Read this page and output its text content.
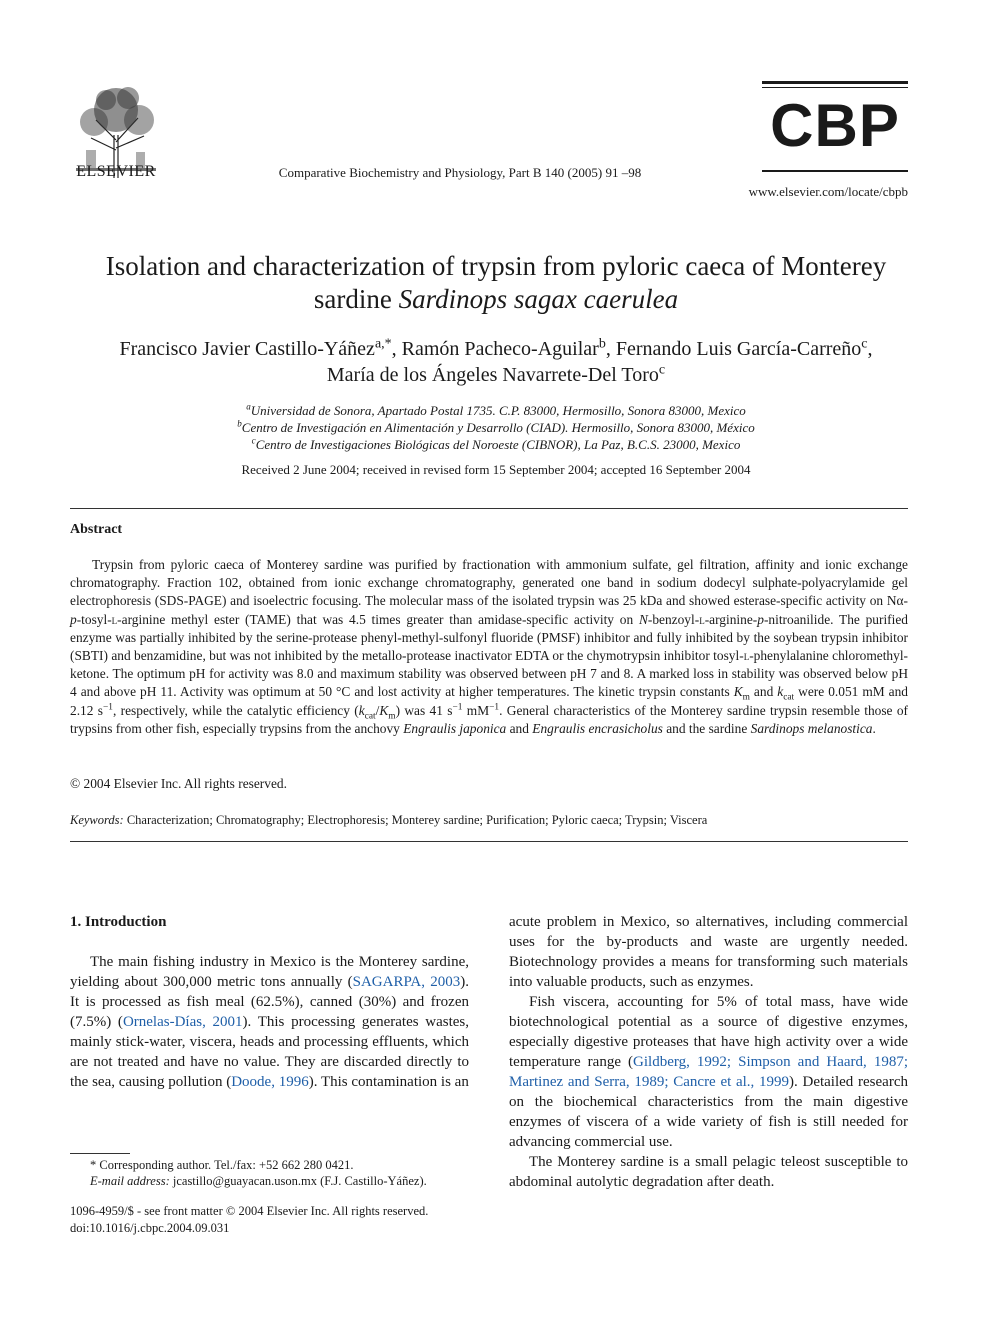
ELSEVIER	Comparative Biochemistry and Physiology, Part B 140 (2005) 91 –98
CBP
www.elsevier.com/locate/cbpb
Isolation and characterization of trypsin from pyloric caeca of Monterey
sardine Sardinops sagax caerulea
Francisco Javier Castillo-Yáñez$^{a,*}$, Ramón Pacheco-Aguilar$^b$, Fernando Luis García-Carreño$^c$,
María de los Ángeles Navarrete-Del Toro$^c$
$^a$Universidad de Sonora, Apartado Postal 1735. C.P. 83000, Hermosillo, Sonora 83000, Mexico
$^b$Centro de Investigación en Alimentación y Desarrollo (CIAD). Hermosillo, Sonora 83000, México
$^c$Centro de Investigaciones Biológicas del Noroeste (CIBNOR), La Paz, B.C.S. 23000, Mexico
Received 2 June 2004; received in revised form 15 September 2004; accepted 16 September 2004
Abstract
Trypsin from pyloric caeca of Monterey sardine was purified by fractionation with ammonium sulfate, gel filtration, affinity and ionic exchange chromatography. Fraction 102, obtained from ionic exchange chromatography, generated one band in sodium dodecyl sulphate-polyacrylamide gel electrophoresis (SDS-PAGE) and isoelectric focusing. The molecular mass of the isolated trypsin was 25 kDa and showed esterase-specific activity on Nα-p-tosyl-l-arginine methyl ester (TAME) that was 4.5 times greater than amidase-specific activity on N-benzoyl-l-arginine-p-nitroanilide. The purified enzyme was partially inhibited by the serine-protease phenyl-methyl-sulfonyl fluoride (PMSF) inhibitor and fully inhibited by the soybean trypsin inhibitor (SBTI) and benzamidine, but was not inhibited by the metallo-protease inactivator EDTA or the chymotrypsin inhibitor tosyl-l-phenylalanine chloromethyl-ketone. The optimum pH for activity was 8.0 and maximum stability was observed between pH 7 and 8. A marked loss in stability was observed below pH 4 and above pH 11. Activity was optimum at 50 °C and lost activity at higher temperatures. The kinetic trypsin constants $K_m$ and $k_{cat}$ were 0.051 mM and 2.12 $s^{-1}$, respectively, while the catalytic efficiency $(k_{cat}/K_m)$ was 41 $s^{-1}$ $mM^{-1}$. General characteristics of the Monterey sardine trypsin resemble those of trypsins from other fish, especially trypsins from the anchovy Engraulis japonica and Engraulis encrasicholus and the sardine Sardinops melanostica.
© 2004 Elsevier Inc. All rights reserved.
Keywords: Characterization; Chromatography; Electrophoresis; Monterey sardine; Purification; Pyloric caeca; Trypsin; Viscera
1. Introduction

The main fishing industry in Mexico is the Monterey sardine, yielding about 300,000 metric tons annually (SAGARPA, 2003). It is processed as fish meal (62.5%), canned (30%) and frozen (7.5%) (Ornelas-Días, 2001). This processing generates wastes, mainly stick-water, viscera, heads and processing effluents, which are not treated and have no value. They are discarded directly to the sea, causing pollution (Doode, 1996). This contamination is an

* Corresponding author. Tel./fax: +52 662 280 0421.
E-mail address: jcastillo@guayacan.uson.mx (F.J. Castillo-Yáñez).
1096-4959/$ - see front matter © 2004 Elsevier Inc. All rights reserved.
doi:10.1016/j.cbpc.2004.09.031

acute problem in Mexico, so alternatives, including commercial uses for the by-products and waste are urgently needed. Biotechnology provides a means for transforming such materials into valuable products, such as enzymes.

Fish viscera, accounting for 5% of total mass, have wide biotechnological potential as a source of digestive enzymes, especially digestive proteases that have high activity over a wide temperature range (Gildberg, 1992; Simpson and Haard, 1987; Martinez and Serra, 1989; Cancre et al., 1999). Detailed research on the biochemical characteristics from the main digestive enzymes of viscera of a wide variety of fish is still needed for advancing commercial use.

The Monterey sardine is a small pelagic teleost susceptible to abdominal autolytic degradation after death.
